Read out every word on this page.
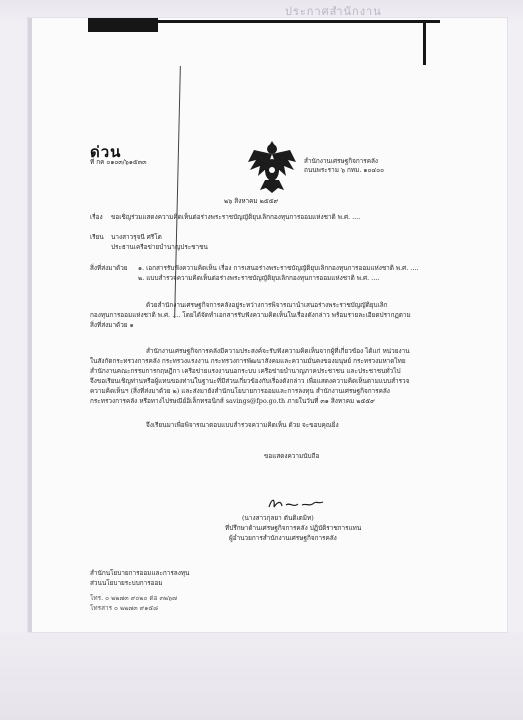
ประกาศสำนักงาน
ด่วน
ที่ กค ๐๑๐๓/๖๑๕๓๓	สำนักงานเศรษฐกิจการคลัง
ถนนพระราม ๖ กทม. ๑๐๔๐๐
๒๖ สิงหาคม ๒๕๕๙
เรื่อง ขอเชิญร่วมแสดงความคิดเห็นต่อร่างพระราชบัญญัติยุบเลิกกองทุนการออมแห่งชาติ พ.ศ. ....
เรียน นางสาวรุจนี ศรีโต
ประธานเครือข่ายบำนาญประชาชน
สิ่งที่ส่งมาด้วย ๑. เอกสารรับฟังความคิดเห็น เรื่อง การเสนอร่างพระราชบัญญัติยุบเลิกกองทุนการออมแห่งชาติ พ.ศ. ....
๒. แบบสำรวจความคิดเห็นต่อร่างพระราชบัญญัติยุบเลิกกองทุนการออมแห่งชาติ พ.ศ. ....
ด้วยสำนักงานเศรษฐกิจการคลังอยู่ระหว่างการพิจารณานำเสนอร่างพระราชบัญญัติยุบเลิก
กองทุนการออมแห่งชาติ พ.ศ. .... โดยได้จัดทำเอกสารรับฟังความคิดเห็นในเรื่องดังกล่าว พร้อมรายละเอียดปรากฏตาม
สิ่งที่ส่งมาด้วย ๑
สำนักงานเศรษฐกิจการคลังมีความประสงค์จะรับฟังความคิดเห็นจากผู้ที่เกี่ยวข้อง ได้แก่ หน่วยงาน
ในสังกัดกระทรวงการคลัง กระทรวงแรงงาน กระทรวงการพัฒนาสังคมและความมั่นคงของมนุษย์ กระทรวงมหาดไทย
สำนักงานคณะกรรมการกฤษฎีกา เครือข่ายแรงงานนอกระบบ เครือข่ายบำนาญภาคประชาชน และประชาชนทั่วไป
จึงขอเรียนเชิญท่านหรือผู้แทนของท่านในฐานะที่มีส่วนเกี่ยวข้องกับเรื่องดังกล่าว เพื่อแสดงความคิดเห็นตามแบบสำรวจ
ความคิดเห็นฯ (สิ่งที่ส่งมาด้วย ๒) และส่งมายังสำนักนโยบายการออมและการลงทุน สำนักงานเศรษฐกิจการคลัง
กระทรวงการคลัง หรือทางไปรษณีย์อิเล็กทรอนิกส์ savings@fpo.go.th ภายในวันที่ ๓๑ สิงหาคม ๒๕๕๙
จึงเรียนมาเพื่อพิจารณาตอบแบบสำรวจความคิดเห็น ด้วย จะขอบคุณยิ่ง
ขอแสดงความนับถือ
(นางสาวกุลยา ตันติเตมิท)
ที่ปรึกษาด้านเศรษฐกิจการคลัง ปฏิบัติราชการแทน
ผู้อำนวยการสำนักงานเศรษฐกิจการคลัง
สำนักนโยบายการออมและการลงทุน
ส่วนนโยบายระบบการออม
โทร. ๐ ๒๒๗๓ ๙๐๒๐ ต่อ ๓๒๖๗
โทรสาร ๐ ๒๒๗๓ ๙๑๕๘
